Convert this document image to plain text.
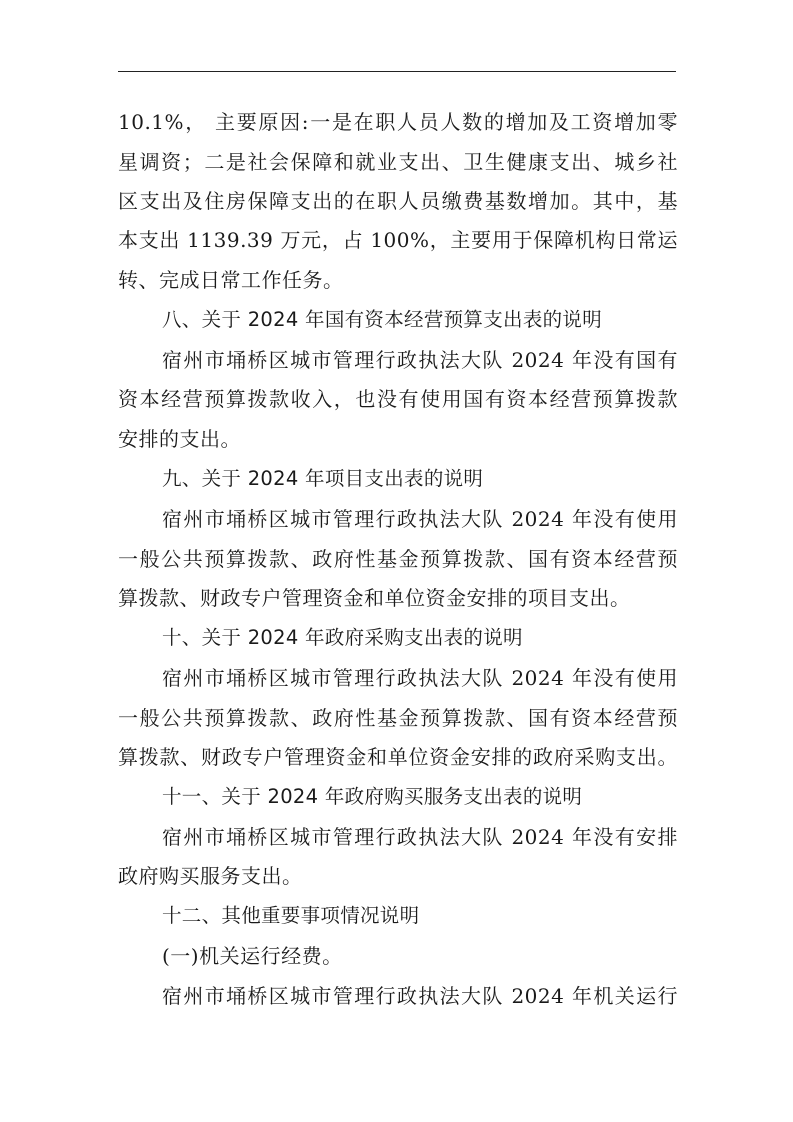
10.1%， 主要原因:一是在职人员人数的增加及工资增加零
星调资；二是社会保障和就业支出、卫生健康支出、城乡社
区支出及住房保障支出的在职人员缴费基数增加。其中，基
本支出 1139.39 万元，占 100%，主要用于保障机构日常运
转、完成日常工作任务。
八、关于 2024 年国有资本经营预算支出表的说明
宿州市埇桥区城市管理行政执法大队 2024 年没有国有
资本经营预算拨款收入，也没有使用国有资本经营预算拨款
安排的支出。
九、关于 2024 年项目支出表的说明
宿州市埇桥区城市管理行政执法大队 2024 年没有使用
一般公共预算拨款、政府性基金预算拨款、国有资本经营预
算拨款、财政专户管理资金和单位资金安排的项目支出。
十、关于 2024 年政府采购支出表的说明
宿州市埇桥区城市管理行政执法大队 2024 年没有使用
一般公共预算拨款、政府性基金预算拨款、国有资本经营预
算拨款、财政专户管理资金和单位资金安排的政府采购支出。
十一、关于 2024 年政府购买服务支出表的说明
宿州市埇桥区城市管理行政执法大队 2024 年没有安排
政府购买服务支出。
十二、其他重要事项情况说明
(一)机关运行经费。
宿州市埇桥区城市管理行政执法大队 2024 年机关运行
